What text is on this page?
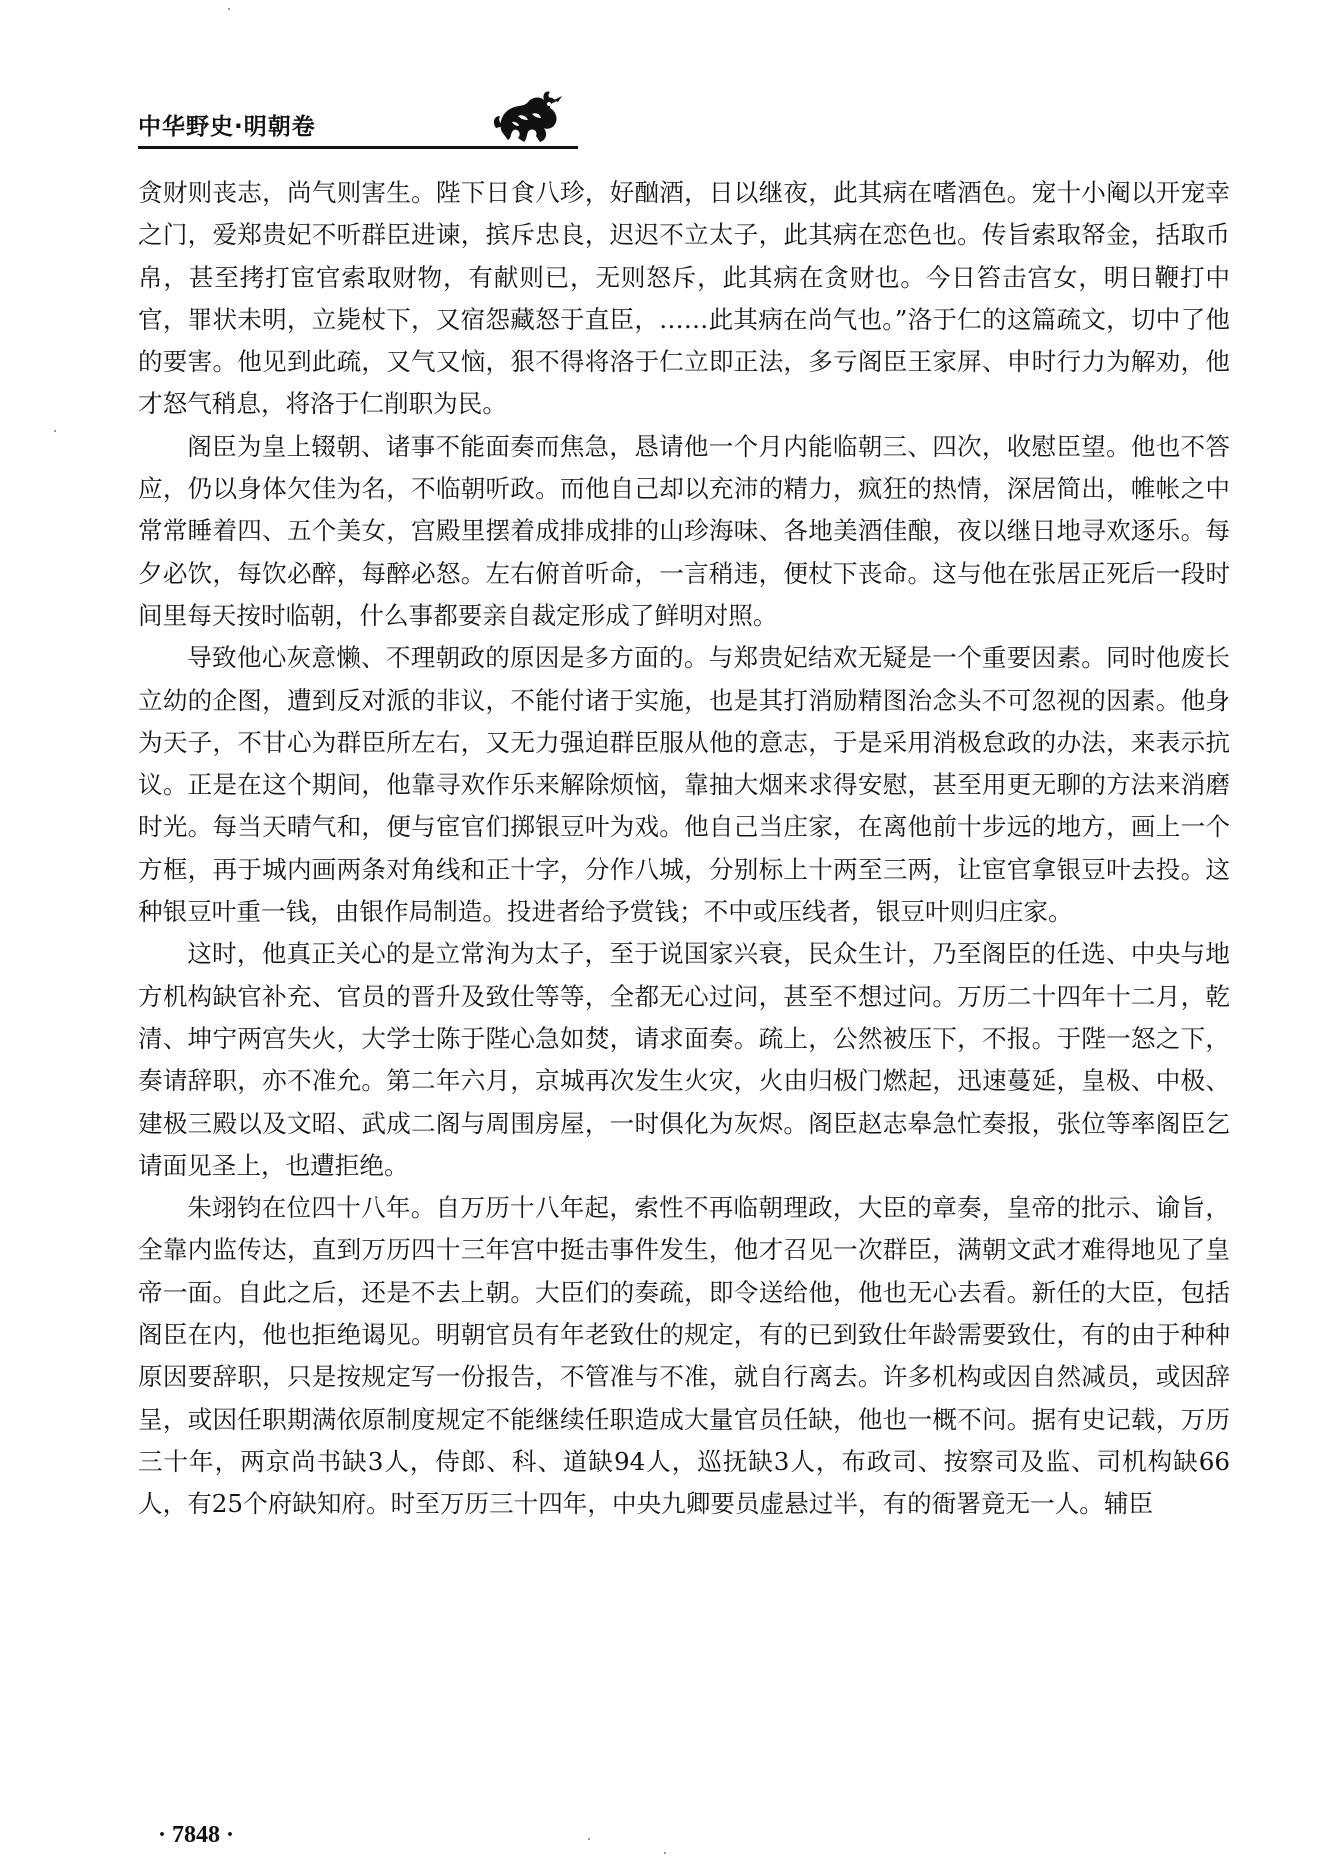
中华野史·明朝卷

贪财则丧志，尚气则害生。陛下日食八珍，好酗酒，日以继夜，此其病在嗜酒色。宠十小阉以开宠幸之门，爱郑贵妃不听群臣进谏，摈斥忠良，迟迟不立太子，此其病在恋色也。传旨索取帑金，括取币帛，甚至拷打宦官索取财物，有献则已，无则怒斥，此其病在贪财也。今日笞击宫女，明日鞭打中官，罪状未明，立毙杖下，又宿怨藏怒于直臣，……此其病在尚气也。”洛于仁的这篇疏文，切中了他的要害。他见到此疏，又气又恼，狠不得将洛于仁立即正法，多亏阁臣王家屏、申时行力为解劝，他才怒气稍息，将洛于仁削职为民。

阁臣为皇上辍朝、诸事不能面奏而焦急，恳请他一个月内能临朝三、四次，收慰臣望。他也不答应，仍以身体欠佳为名，不临朝听政。而他自己却以充沛的精力，疯狂的热情，深居简出，帷帐之中常常睡着四、五个美女，宫殿里摆着成排成排的山珍海味、各地美酒佳酿，夜以继日地寻欢逐乐。每夕必饮，每饮必醉，每醉必怒。左右俯首听命，一言稍违，便杖下丧命。这与他在张居正死后一段时间里每天按时临朝，什么事都要亲自裁定形成了鲜明对照。

导致他心灰意懒、不理朝政的原因是多方面的。与郑贵妃结欢无疑是一个重要因素。同时他废长立幼的企图，遭到反对派的非议，不能付诸于实施，也是其打消励精图治念头不可忽视的因素。他身为天子，不甘心为群臣所左右，又无力强迫群臣服从他的意志，于是采用消极怠政的办法，来表示抗议。正是在这个期间，他靠寻欢作乐来解除烦恼，靠抽大烟来求得安慰，甚至用更无聊的方法来消磨时光。每当天晴气和，便与宦官们掷银豆叶为戏。他自己当庄家，在离他前十步远的地方，画上一个方框，再于城内画两条对角线和正十字，分作八城，分别标上十两至三两，让宦官拿银豆叶去投。这种银豆叶重一钱，由银作局制造。投进者给予赏钱；不中或压线者，银豆叶则归庄家。

这时，他真正关心的是立常洵为太子，至于说国家兴衰，民众生计，乃至阁臣的任选、中央与地方机构缺官补充、官员的晋升及致仕等等，全都无心过问，甚至不想过问。万历二十四年十二月，乾清、坤宁两宫失火，大学士陈于陛心急如焚，请求面奏。疏上，公然被压下，不报。于陛一怒之下，奏请辞职，亦不准允。第二年六月，京城再次发生火灾，火由归极门燃起，迅速蔓延，皇极、中极、建极三殿以及文昭、武成二阁与周围房屋，一时俱化为灰烬。阁臣赵志皋急忙奏报，张位等率阁臣乞请面见圣上，也遭拒绝。

朱翊钧在位四十八年。自万历十八年起，索性不再临朝理政，大臣的章奏，皇帝的批示、谕旨，全靠内监传达，直到万历四十三年宫中挺击事件发生，他才召见一次群臣，满朝文武才难得地见了皇帝一面。自此之后，还是不去上朝。大臣们的奏疏，即令送给他，他也无心去看。新任的大臣，包括阁臣在内，他也拒绝谒见。明朝官员有年老致仕的规定，有的已到致仕年龄需要致仕，有的由于种种原因要辞职，只是按规定写一份报告，不管准与不准，就自行离去。许多机构或因自然减员，或因辞呈，或因任职期满依原制度规定不能继续任职造成大量官员任缺，他也一概不问。据有史记载，万历三十年，两京尚书缺3人，侍郎、科、道缺94人，巡抚缺3人，布政司、按察司及监、司机构缺66人，有25个府缺知府。时至万历三十四年，中央九卿要员虚悬过半，有的衙署竟无一人。辅臣

· 7848 ·
